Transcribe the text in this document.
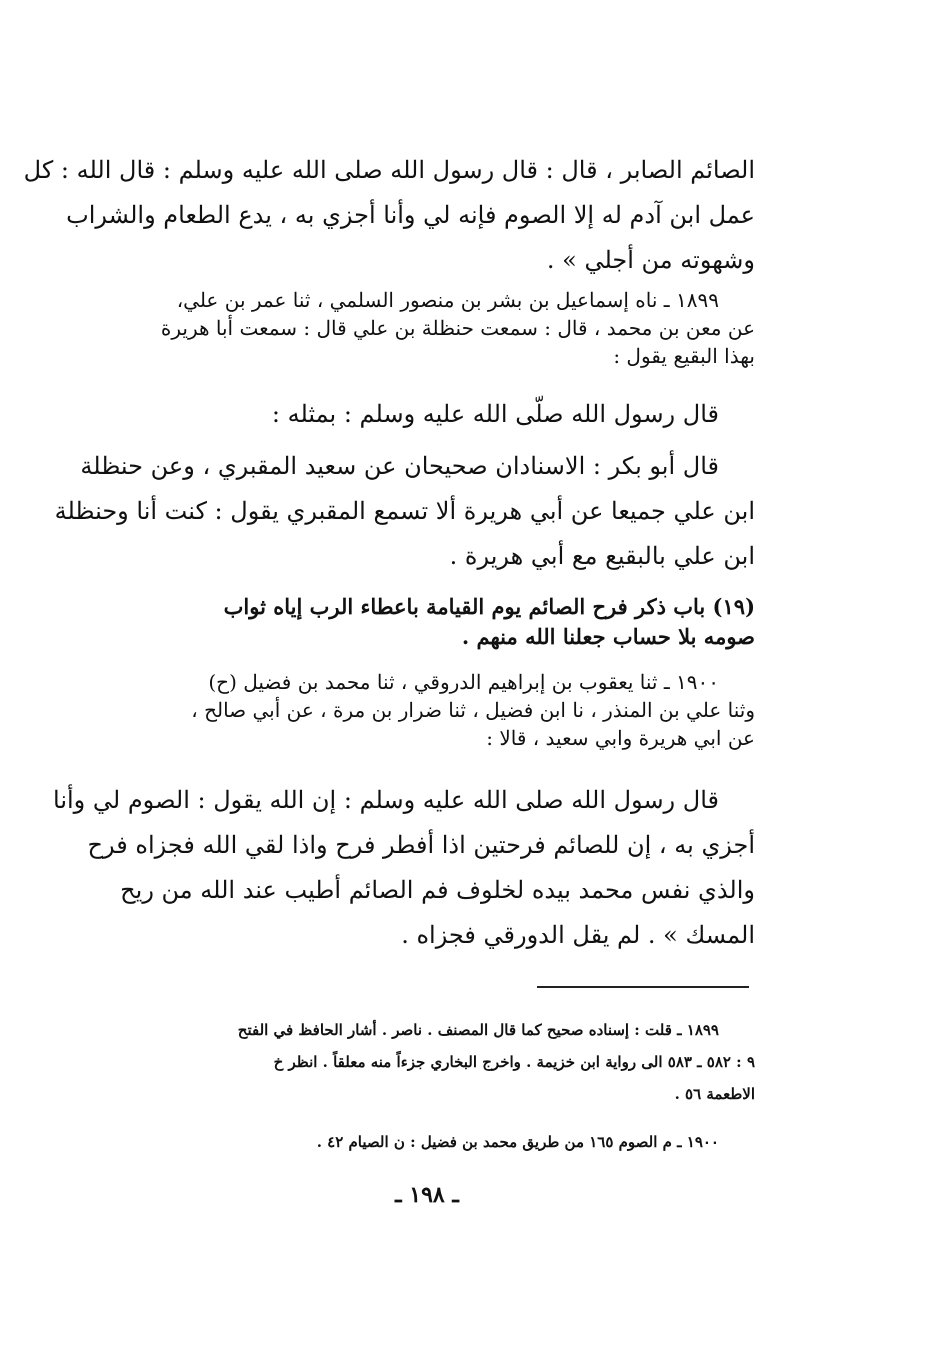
الصائم الصابر ، قال : قال رسول الله صلى الله عليه وسلم : قال الله : كل
عمل ابن آدم له إلا الصوم فإنه لي وأنا أجزي به ، يدع الطعام والشراب
وشهوته من أجلي » .
١٨٩٩ ـ ناه إسماعيل بن بشر بن منصور السلمي ، ثنا عمر بن علي،
عن معن بن محمد ، قال : سمعت حنظلة بن علي قال : سمعت أبا هريرة
بهذا البقيع يقول :
قال رسول الله صلّى الله عليه وسلم : بمثله :
قال أبو بكر : الاسنادان صحيحان عن سعيد المقبري ، وعن حنظلة
ابن علي جميعا عن أبي هريرة ألا تسمع المقبري يقول : كنت أنا وحنظلة
ابن علي بالبقيع مع أبي هريرة .
(١٩) باب ذكر فرح الصائم يوم القيامة باعطاء الرب إياه ثواب
صومه بلا حساب جعلنا الله منهم .
١٩٠٠ ـ ثنا يعقوب بن إبراهيم الدروقي ، ثنا محمد بن فضيل (ح)
وثنا علي بن المنذر ، نا ابن فضيل ، ثنا ضرار بن مرة ، عن أبي صالح ،
عن ابي هريرة وابي سعيد ، قالا :
قال رسول الله صلى الله عليه وسلم : إن الله يقول : الصوم لي وأنا
أجزي به ، إن للصائم فرحتين اذا أفطر فرح واذا لقي الله فجزاه فرح
والذي نفس محمد بيده لخلوف فم الصائم أطيب عند الله من ريح
المسك » . لم يقل الدورقي فجزاه .
١٨٩٩ ـ قلت : إسناده صحيح كما قال المصنف . ناصر . أشار الحافظ في الفتح
٩ : ٥٨٢ ـ ٥٨٣ الى رواية ابن خزيمة . واخرج البخاري جزءاً منه معلقاً . انظر خ
الاطعمة ٥٦ .
١٩٠٠ ـ م الصوم ١٦٥ من طريق محمد بن فضيل : ن الصيام ٤٢ .
ـ ١٩٨ ـ
